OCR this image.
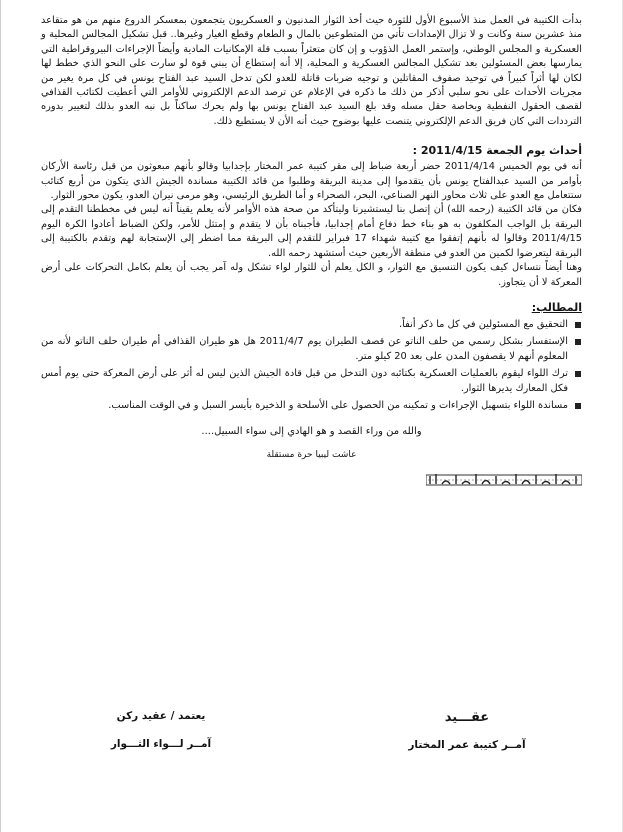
بدأت الكتيبة في العمل منذ الأسبوع الأول للثورة حيث أخذ الثوار المدنيون و العسكريون يتجمعون بمعسكر الدروع منهم من هو متقاعد منذ عشرين سنة وكانت و لا تزال الإمدادات تأتي من المتطوعين بالمال و الطعام وقطع الغيار وغيرها.. قبل تشكيل المجالس المحلية و العسكرية و المجلس الوطني، وإستمر العمل الذؤوب و إن كان متعثراً بسبب قلة الإمكانيات المادية وأيضاً الإجراءات البيروقراطية التي يمارسها بعض المسئولين بعد تشكيل المجالس العسكرية و المحلية، إلا أنه إستطاع أن يبني قوة لو سارت على النحو الذي خطط لها لكان لها أثراً كبيراً في توحيد صفوف المقاتلين و توجيه ضربات قاتلة للعدو لكن تدخل السيد عبد الفتاح يونس في كل مرة يغير من مجريات الأحداث على نحو سلبي أذكر من ذلك ما ذكره في الإعلام عن ترصد الدعم الإلكتروني للأوامر التي أعطيت لكتائب القذافي لقصف الحقول النفطية وبخاصة حقل مسله وقد بلغ السيد عبد الفتاح يونس بها ولم يحرك ساكناً بل نبه العدو بذلك لتغيير بدوره الترددات التي كان فريق الدعم الإلكتروني يتنصت عليها بوضوح حيث أنه الأن لا يستطيع ذلك.

أحداث يوم الجمعة 2011/4/15 :

أنه في يوم الخميس 2011/4/14 حضر أربعة ضباط إلى مقر كتيبة عمر المختار بإجدابيا وقالو بأنهم مبعوثون من قبل رئاسة الأركان بأوامر من السيد عبدالفتاح يونس بأن يتقدموا إلى مدينة البريقة وطلبوا من قائد الكتيبة مساندة الجيش الذي يتكون من أربع كتائب ستتعامل مع العدو على ثلاث محاور النهر الصناعي، البحر، الصحراء و أما الطريق الرئيسي، وهو مرمى نيران العدو، يكون محور الثوار.

فكان من قائد الكتيبة (رحمه الله) أن إتصل بنا ليستشيرنا وليتأكد من صحة هذه الأوامر لأنه يعلم يقيناً أنه ليس في مخططنا التقدم إلى البريقة بل الواجب المكلفون به هو بناء خط دفاع أمام إجدابيا، فأجبناه بأن لا يتقدم و إمتثل للأمر، ولكن الضباط أعادوا الكرة اليوم 2011/4/15 وقالوا له بأنهم إتفقوا مع كتيبة شهداء 17 فبراير للتقدم إلى البريقة مما اضطر إلى الإستجابة لهم وتقدم بالكتيبة إلى البريقة ليتعرضوا لكمين من العدو في منطقة الأربعين حيث أستشهد رحمه الله.

وهنا أيضاً نتساءل كيف يكون التنسيق مع الثوار، و الكل يعلم أن للثوار لواء تشكل وله آمر يجب أن يعلم بكامل التحركات على أرض المعركة لا أن يتجاوز.

المطالب:
التحقيق مع المسئولين في كل ما ذكر أنفاً.
الإستفسار بشكل رسمي من حلف الناتو عن قصف الطيران يوم 2011/4/7 هل هو طيران القذافي أم طيران حلف الناتو لأنه من المعلوم أنهم لا يقصفون المدن على بعد 20 كيلو متر.
ترك اللواء ليقوم بالعمليات العسكرية بكتائبه دون التدخل من قبل قادة الجيش الذين ليس له أثر على أرض المعركة حتى يوم أمس فكل المعارك يديرها الثوار.
مساندة اللواء بتسهيل الإجراءات و تمكينه من الحصول على الأسلحة و الذخيرة بأيسر السبل و في الوقت المناسب.
والله من وراء القصد و هو الهادي إلى سواء السبيل....
عاشت ليبيا حرة مستقلة
عقـــيد
آمــر كتيبة عمر المختار
يعتمد / عقيد ركن
آمــر لـــواء الثـــوار
